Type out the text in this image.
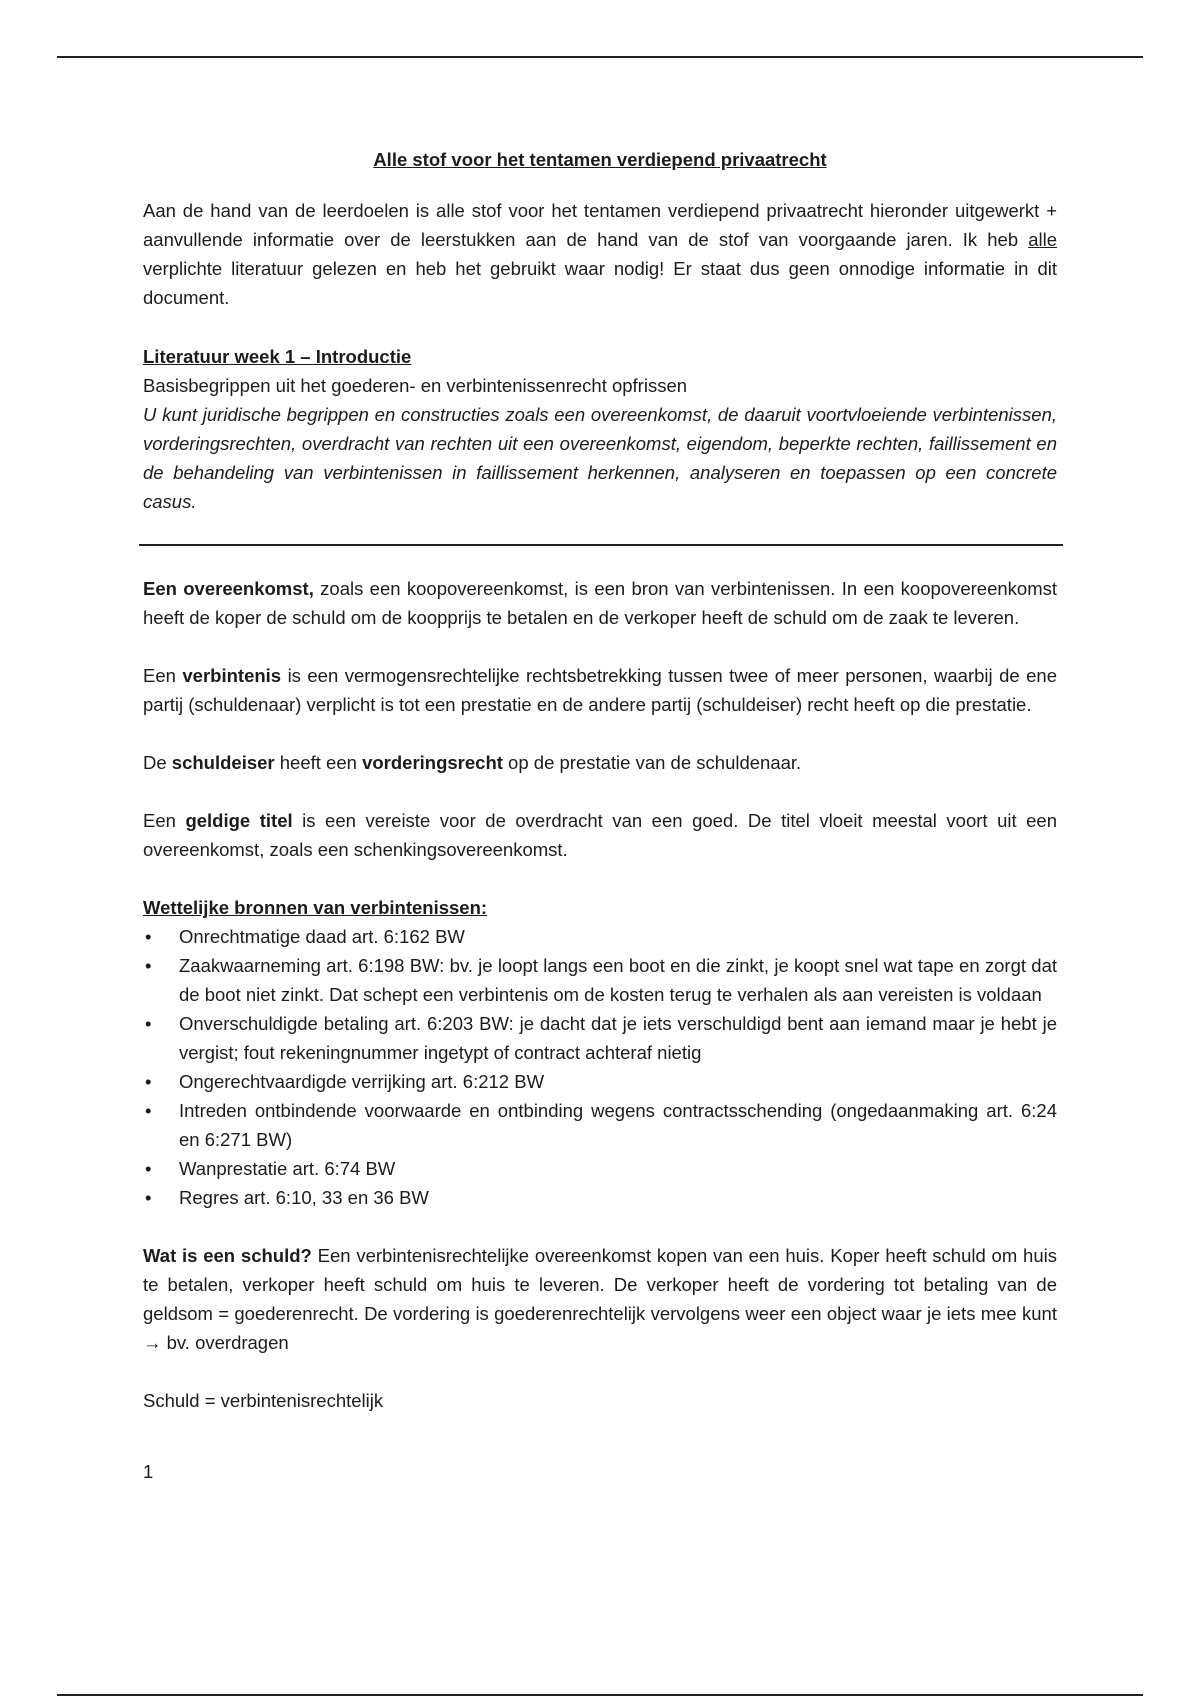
Alle stof voor het tentamen verdiepend privaatrecht

Aan de hand van de leerdoelen is alle stof voor het tentamen verdiepend privaatrecht hieronder uitgewerkt + aanvullende informatie over de leerstukken aan de hand van de stof van voorgaande jaren. Ik heb alle verplichte literatuur gelezen en heb het gebruikt waar nodig! Er staat dus geen onnodige informatie in dit document.

Literatuur week 1 – Introductie
Basisbegrippen uit het goederen- en verbintenissenrecht opfrissen

U kunt juridische begrippen en constructies zoals een overeenkomst, de daaruit voortvloeiende verbintenissen, vorderingsrechten, overdracht van rechten uit een overeenkomst, eigendom, beperkte rechten, faillissement en de behandeling van verbintenissen in faillissement herkennen, analyseren en toepassen op een concrete casus.

Een overeenkomst, zoals een koopovereenkomst, is een bron van verbintenissen. In een koopovereenkomst heeft de koper de schuld om de koopprijs te betalen en de verkoper heeft de schuld om de zaak te leveren.

Een verbintenis is een vermogensrechtelijke rechtsbetrekking tussen twee of meer personen, waarbij de ene partij (schuldenaar) verplicht is tot een prestatie en de andere partij (schuldeiser) recht heeft op die prestatie.

De schuldeiser heeft een vorderingsrecht op de prestatie van de schuldenaar.

Een geldige titel is een vereiste voor de overdracht van een goed. De titel vloeit meestal voort uit een overeenkomst, zoals een schenkingsovereenkomst.

Wettelijke bronnen van verbintenissen:
• Onrechtmatige daad art. 6:162 BW
• Zaakwaarneming art. 6:198 BW: bv. je loopt langs een boot en die zinkt, je koopt snel wat tape en zorgt dat de boot niet zinkt. Dat schept een verbintenis om de kosten terug te verhalen als aan vereisten is voldaan
• Onverschuldigde betaling art. 6:203 BW: je dacht dat je iets verschuldigd bent aan iemand maar je hebt je vergist; fout rekeningnummer ingetypt of contract achteraf nietig
• Ongerechtvaardigde verrijking art. 6:212 BW
• Intreden ontbindende voorwaarde en ontbinding wegens contractsschending (ongedaanmaking art. 6:24 en 6:271 BW)
• Wanprestatie art. 6:74 BW
• Regres art. 6:10, 33 en 36 BW

Wat is een schuld? Een verbintenisrechtelijke overeenkomst kopen van een huis. Koper heeft schuld om huis te betalen, verkoper heeft schuld om huis te leveren. De verkoper heeft de vordering tot betaling van de geldsom = goederenrecht. De vordering is goederenrechtelijk vervolgens weer een object waar je iets mee kunt → bv. overdragen

Schuld = verbintenisrechtelijk

1
